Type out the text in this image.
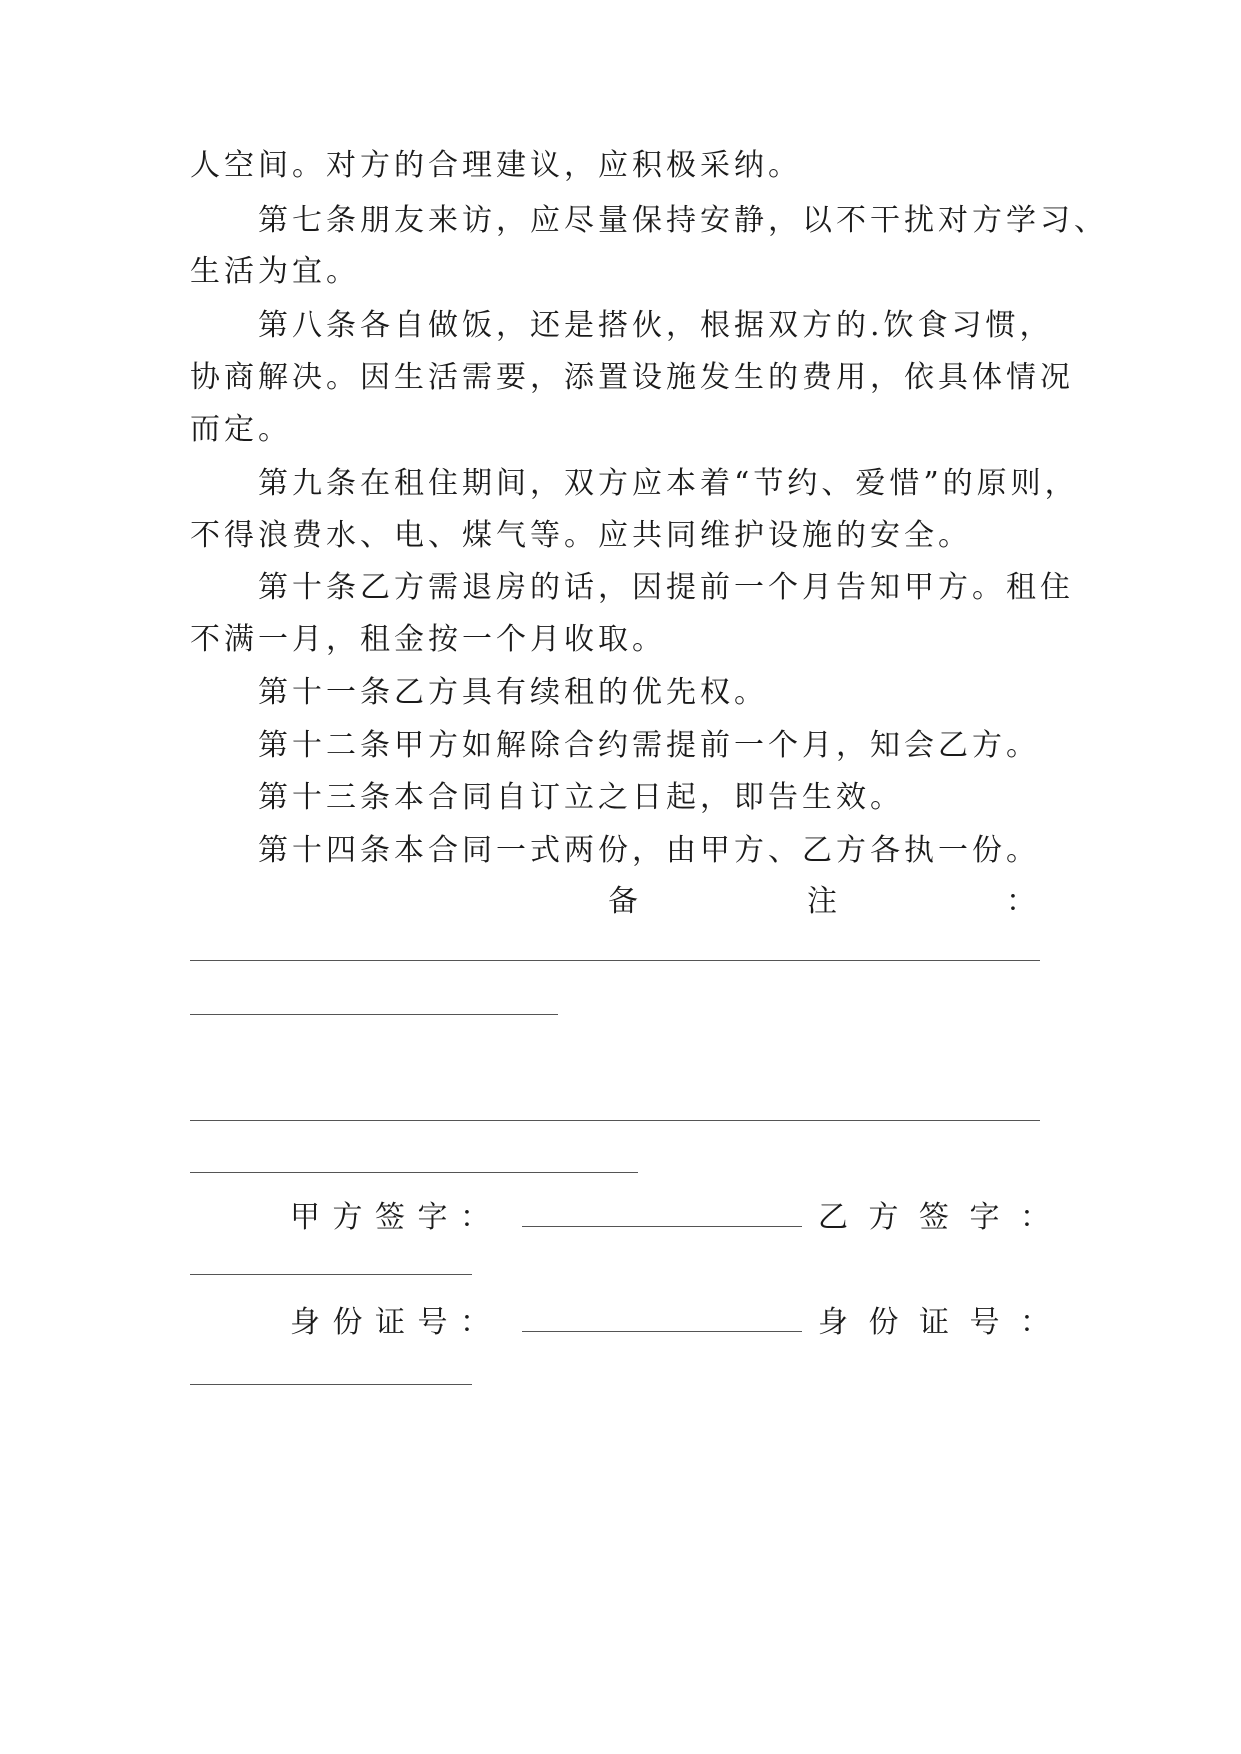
人空间。对方的合理建议，应积极采纳。
第七条朋友来访，应尽量保持安静，以不干扰对方学习、
生活为宜。
第八条各自做饭，还是搭伙，根据双方的.饮食习惯，
协商解决。因生活需要，添置设施发生的费用，依具体情况
而定。
第九条在租住期间，双方应本着“节约、爱惜”的原则，
不得浪费水、电、煤气等。应共同维护设施的安全。
第十条乙方需退房的话，因提前一个月告知甲方。租住
不满一月，租金按一个月收取。
第十一条乙方具有续租的优先权。
第十二条甲方如解除合约需提前一个月，知会乙方。
第十三条本合同自订立之日起，即告生效。
第十四条本合同一式两份，由甲方、乙方各执一份。
备	注	：
甲 方 签 字 ：	乙 方 签 字 ：
身 份 证 号 ：	身 份 证 号 ：
